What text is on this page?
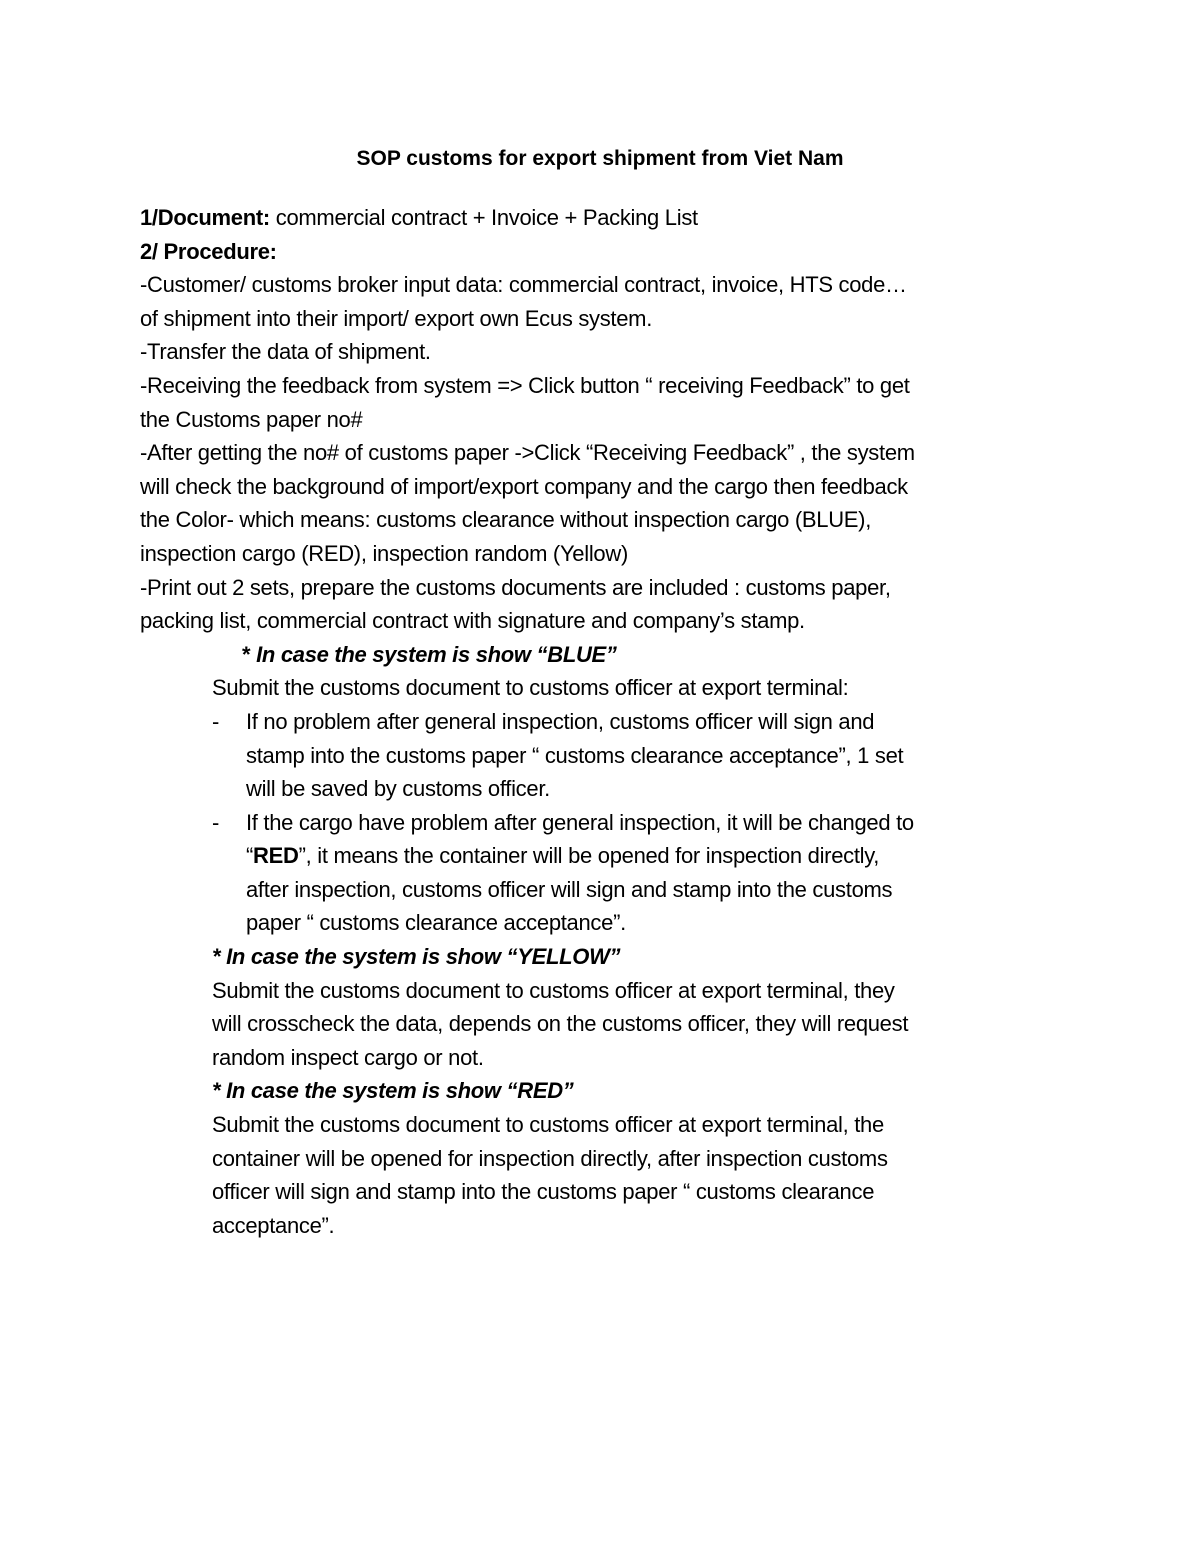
SOP customs for export shipment from Viet Nam
1/Document: commercial contract + Invoice + Packing List
2/ Procedure:
-Customer/ customs broker input data: commercial contract, invoice, HTS code…
of shipment into their import/ export own Ecus system.
-Transfer the data of shipment.
-Receiving the feedback from system => Click button “ receiving Feedback” to get
the Customs paper no#
-After getting the no# of customs paper ->Click “Receiving Feedback” , the system
will check the background of import/export company and the cargo then feedback
the Color- which means: customs clearance without inspection cargo (BLUE),
inspection cargo (RED), inspection random (Yellow)
-Print out 2 sets, prepare the customs documents are included : customs paper,
packing list, commercial contract with signature and company’s stamp.
* In case the system is show “BLUE”
Submit the customs document to customs officer at export terminal:
- If no problem after general inspection, customs officer will sign and
stamp into the customs paper “ customs clearance acceptance”, 1 set
will be saved by customs officer.
- If the cargo have problem after general inspection, it will be changed to
“RED”, it means the container will be opened for inspection directly,
after inspection, customs officer will sign and stamp into the customs
paper “ customs clearance acceptance”.
* In case the system is show “YELLOW”
Submit the customs document to customs officer at export terminal, they
will crosscheck the data, depends on the customs officer, they will request
random inspect cargo or not.
* In case the system is show “RED”
Submit the customs document to customs officer at export terminal, the
container will be opened for inspection directly, after inspection customs
officer will sign and stamp into the customs paper “ customs clearance
acceptance”.
